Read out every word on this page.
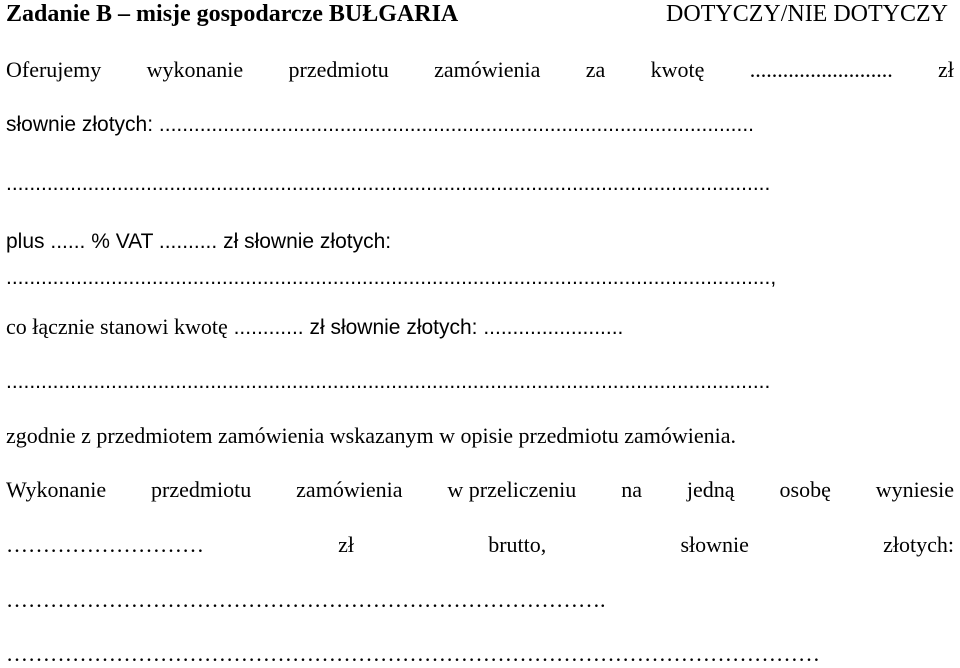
Zadanie B – misje gospodarcze BUŁGARIA	DOTYCZY/NIE DOTYCZY
Oferujemy wykonanie przedmiotu zamówienia za kwotę .......................... zł
słownie złotych: ......................................................................................................
...................................................................................................................................
plus ...... % VAT .......... zł słownie złotych:
...................................................................................................................................,
co łącznie stanowi kwotę ............ zł słownie złotych: ........................
...................................................................................................................................
zgodnie z przedmiotem zamówienia wskazanym w opisie przedmiotu zamówienia.
Wykonanie przedmiotu zamówienia w przeliczeniu na jedną osobę wyniesie
………………………	zł	brutto,	słownie	złotych:
……………………………………………………………………….
…………………………………………………………………………………………………
